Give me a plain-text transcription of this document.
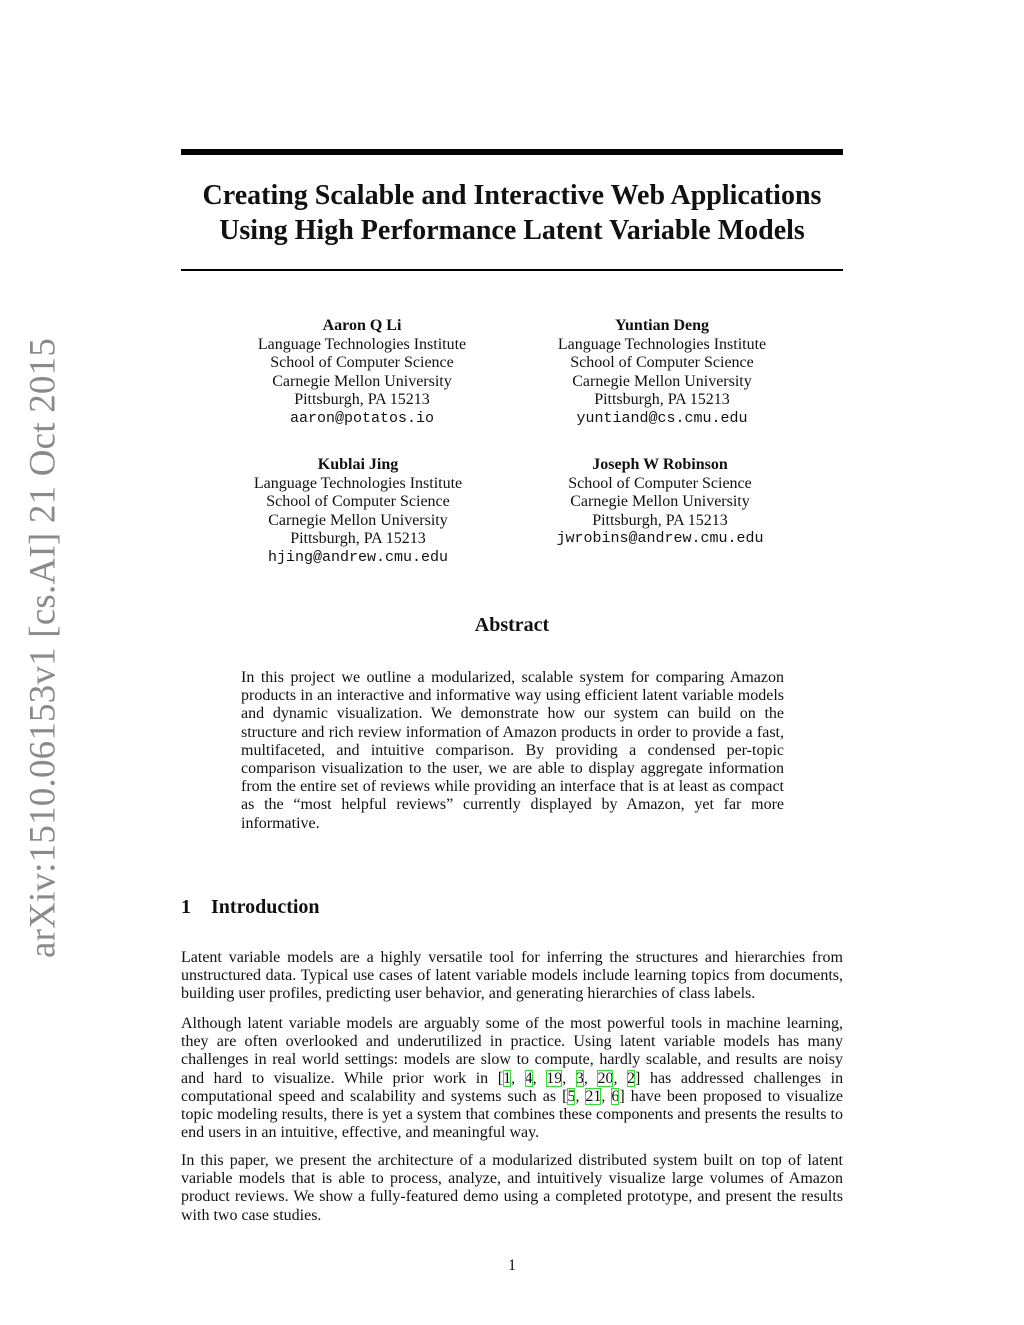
arXiv:1510.06153v1 [cs.AI] 21 Oct 2015
Creating Scalable and Interactive Web Applications
Using High Performance Latent Variable Models
Aaron Q Li
Language Technologies Institute
School of Computer Science
Carnegie Mellon University
Pittsburgh, PA 15213
aaron@potatos.io
Yuntian Deng
Language Technologies Institute
School of Computer Science
Carnegie Mellon University
Pittsburgh, PA 15213
yuntiand@cs.cmu.edu
Kublai Jing
Language Technologies Institute
School of Computer Science
Carnegie Mellon University
Pittsburgh, PA 15213
hjing@andrew.cmu.edu
Joseph W Robinson
School of Computer Science
Carnegie Mellon University
Pittsburgh, PA 15213
jwrobins@andrew.cmu.edu
Abstract

In this project we outline a modularized, scalable system for comparing Amazon products in an interactive and informative way using efficient latent variable models and dynamic visualization. We demonstrate how our system can build on the structure and rich review information of Amazon products in order to provide a fast, multifaceted, and intuitive comparison. By providing a condensed per-topic comparison visualization to the user, we are able to display aggregate information from the entire set of reviews while providing an interface that is at least as compact as the “most helpful reviews” currently displayed by Amazon, yet far more informative.

1 Introduction

Latent variable models are a highly versatile tool for inferring the structures and hierarchies from unstructured data. Typical use cases of latent variable models include learning topics from documents, building user profiles, predicting user behavior, and generating hierarchies of class labels.

Although latent variable models are arguably some of the most powerful tools in machine learning, they are often overlooked and underutilized in practice. Using latent variable models has many challenges in real world settings: models are slow to compute, hardly scalable, and results are noisy and hard to visualize. While prior work in [1, 4, 19, 3, 20, 2] has addressed challenges in computational speed and scalability and systems such as [5, 21, 6] have been proposed to visualize topic modeling results, there is yet a system that combines these components and presents the results to end users in an intuitive, effective, and meaningful way.

In this paper, we present the architecture of a modularized distributed system built on top of latent variable models that is able to process, analyze, and intuitively visualize large volumes of Amazon product reviews. We show a fully-featured demo using a completed prototype, and present the results with two case studies.

1
